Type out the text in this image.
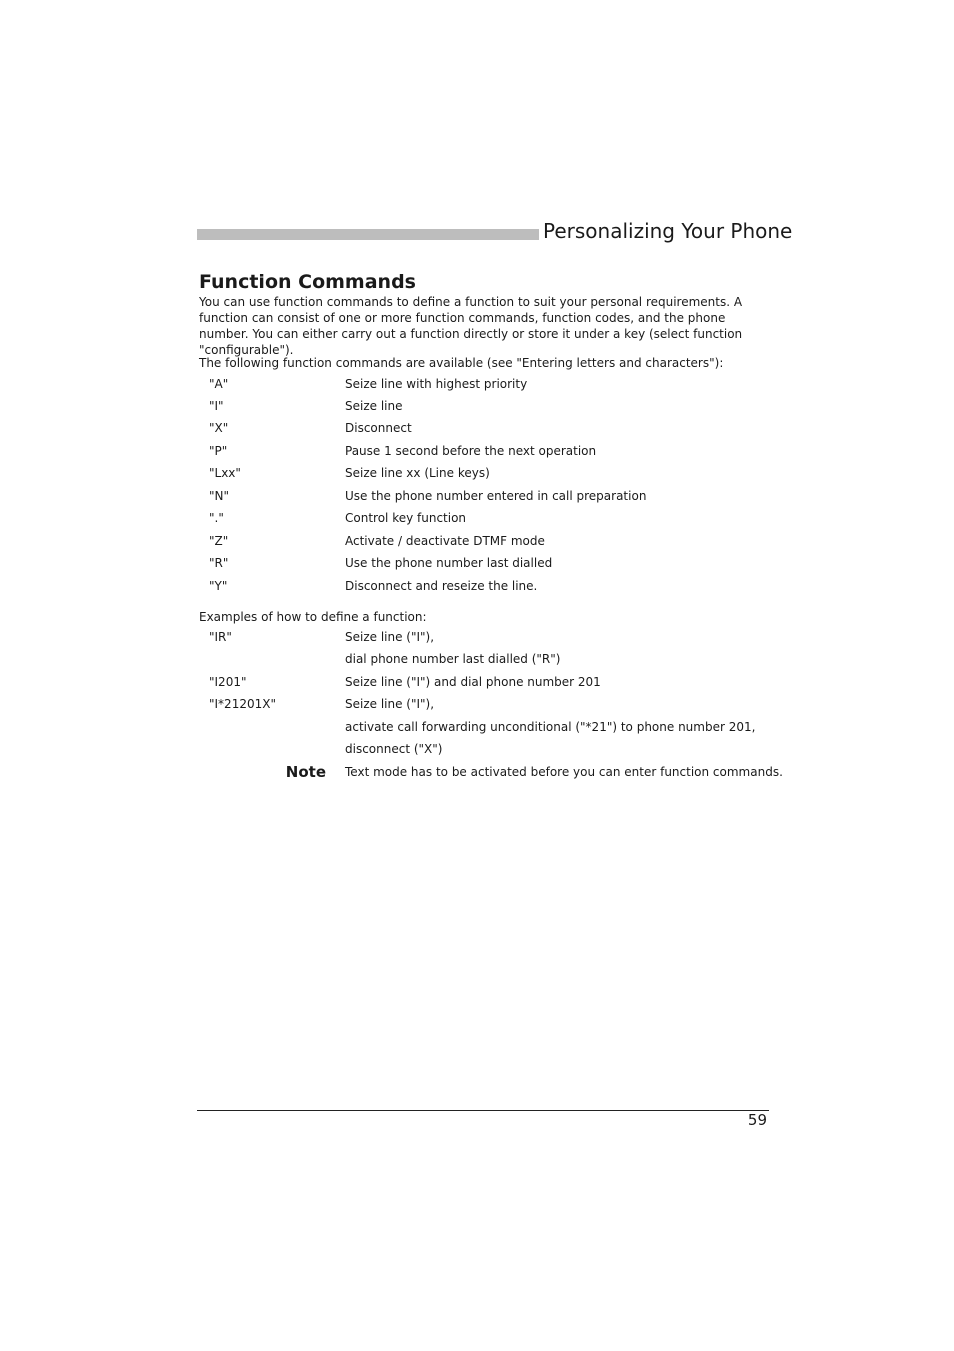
Personalizing Your Phone
Function Commands
You can use function commands to define a function to suit your personal requirements. A function can consist of one or more function commands, function codes, and the phone number. You can either carry out a function directly or store it under a key (select function "configurable").
The following function commands are available (see "Entering letters and characters"):
"A"	Seize line with highest priority
"I"	Seize line
"X"	Disconnect
"P"	Pause 1 second before the next operation
"Lxx"	Seize line xx (Line keys)
"N"	Use the phone number entered in call preparation
"."	Control key function
"Z"	Activate / deactivate DTMF mode
"R"	Use the phone number last dialled
"Y"	Disconnect and reseize the line.
Examples of how to define a function:
"IR"	Seize line ("I"),
dial phone number last dialled ("R")
"I201"	Seize line ("I") and dial phone number 201
"I*21201X"	Seize line ("I"),
activate call forwarding unconditional ("*21") to phone number 201,
disconnect ("X")
Note Text mode has to be activated before you can enter function commands.
59
